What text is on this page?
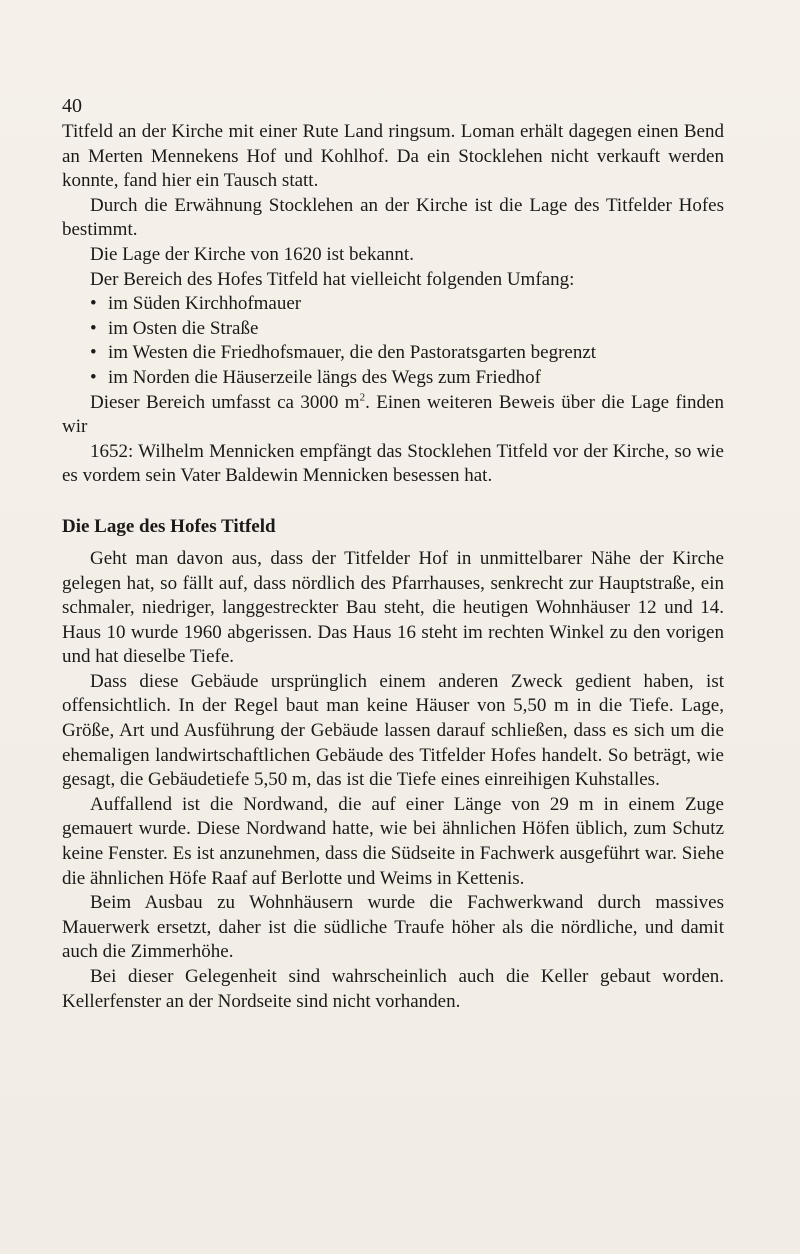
40

Titfeld an der Kirche mit einer Rute Land ringsum. Loman erhält dagegen einen Bend an Merten Mennekens Hof und Kohlhof. Da ein Stocklehen nicht verkauft werden konnte, fand hier ein Tausch statt.

Durch die Erwähnung Stocklehen an der Kirche ist die Lage des Titfelder Hofes bestimmt.

Die Lage der Kirche von 1620 ist bekannt.

Der Bereich des Hofes Titfeld hat vielleicht folgenden Umfang:

• im Süden Kirchhofmauer
• im Osten die Straße
• im Westen die Friedhofsmauer, die den Pastoratsgarten begrenzt
• im Norden die Häuserzeile längs des Wegs zum Friedhof

Dieser Bereich umfasst ca 3000 $m^2$. Einen weiteren Beweis über die Lage finden wir

1652: Wilhelm Mennicken empfängt das Stocklehen Titfeld vor der Kirche, so wie es vordem sein Vater Baldewin Mennicken besessen hat.

Die Lage des Hofes Titfeld

Geht man davon aus, dass der Titfelder Hof in unmittelbarer Nähe der Kirche gelegen hat, so fällt auf, dass nördlich des Pfarrhauses, senkrecht zur Hauptstraße, ein schmaler, niedriger, langgestreckter Bau steht, die heutigen Wohnhäuser 12 und 14. Haus 10 wurde 1960 abgerissen. Das Haus 16 steht im rechten Winkel zu den vorigen und hat dieselbe Tiefe.

Dass diese Gebäude ursprünglich einem anderen Zweck gedient haben, ist offensichtlich. In der Regel baut man keine Häuser von 5,50 m in die Tiefe. Lage, Größe, Art und Ausführung der Gebäude lassen darauf schließen, dass es sich um die ehemaligen landwirtschaftlichen Gebäude des Titfelder Hofes handelt. So beträgt, wie gesagt, die Gebäudetiefe 5,50 m, das ist die Tiefe eines einreihigen Kuhstalles.

Auffallend ist die Nordwand, die auf einer Länge von 29 m in einem Zuge gemauert wurde. Diese Nordwand hatte, wie bei ähnlichen Höfen üblich, zum Schutz keine Fenster. Es ist anzunehmen, dass die Südseite in Fachwerk ausgeführt war. Siehe die ähnlichen Höfe Raaf auf Berlotte und Weims in Kettenis.

Beim Ausbau zu Wohnhäusern wurde die Fachwerkwand durch massives Mauerwerk ersetzt, daher ist die südliche Traufe höher als die nördliche, und damit auch die Zimmerhöhe.

Bei dieser Gelegenheit sind wahrscheinlich auch die Keller gebaut worden. Kellerfenster an der Nordseite sind nicht vorhanden.
